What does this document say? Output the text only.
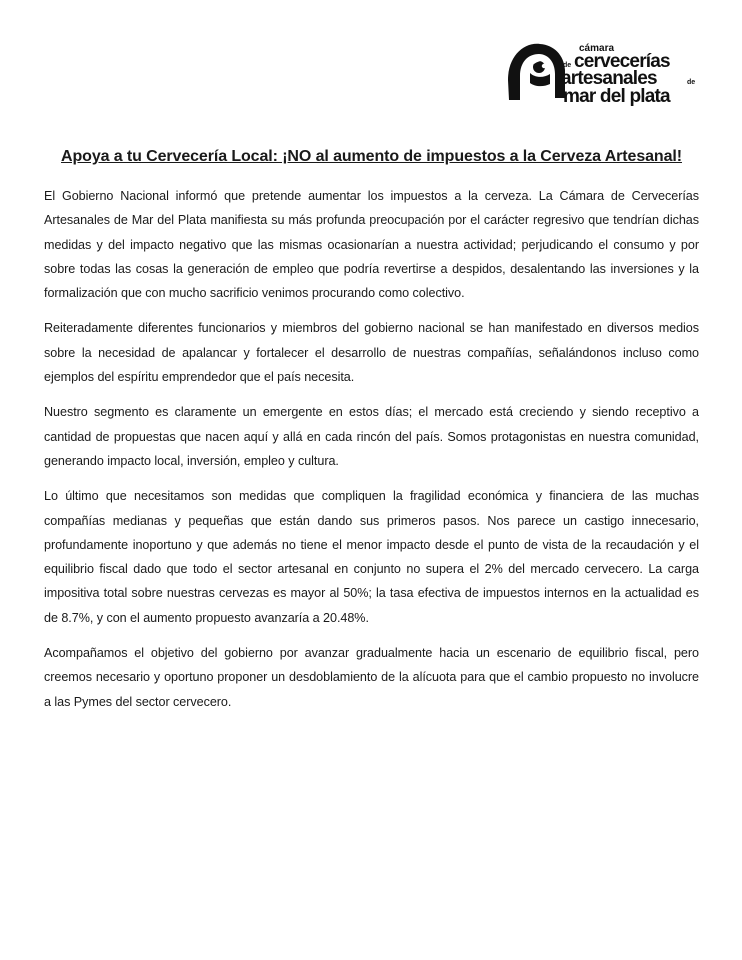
cámara
de cervecerías
artesanales	de
mar del plata
Apoya a tu Cervecería Local: ¡NO al aumento de impuestos a la Cerveza Artesanal!

El Gobierno Nacional informó que pretende aumentar los impuestos a la cerveza. La Cámara de Cervecerías Artesanales de Mar del Plata manifiesta su más profunda preocupación por el carácter regresivo que tendrían dichas medidas y del impacto negativo que las mismas ocasionarían a nuestra actividad; perjudicando el consumo y por sobre todas las cosas la generación de empleo que podría revertirse a despidos, desalentando las inversiones y la formalización que con mucho sacrificio venimos procurando como colectivo.

Reiteradamente diferentes funcionarios y miembros del gobierno nacional se han manifestado en diversos medios sobre la necesidad de apalancar y fortalecer el desarrollo de nuestras compañías, señalándonos incluso como ejemplos del espíritu emprendedor que el país necesita.

Nuestro segmento es claramente un emergente en estos días; el mercado está creciendo y siendo receptivo a cantidad de propuestas que nacen aquí y allá en cada rincón del país. Somos protagonistas en nuestra comunidad, generando impacto local, inversión, empleo y cultura.

Lo último que necesitamos son medidas que compliquen la fragilidad económica y financiera de las muchas compañías medianas y pequeñas que están dando sus primeros pasos. Nos parece un castigo innecesario, profundamente inoportuno y que además no tiene el menor impacto desde el punto de vista de la recaudación y el equilibrio fiscal dado que todo el sector artesanal en conjunto no supera el 2% del mercado cervecero. La carga impositiva total sobre nuestras cervezas es mayor al 50%; la tasa efectiva de impuestos internos en la actualidad es de 8.7%, y con el aumento propuesto avanzaría a 20.48%.

Acompañamos el objetivo del gobierno por avanzar gradualmente hacia un escenario de equilibrio fiscal, pero creemos necesario y oportuno proponer un desdoblamiento de la alícuota para que el cambio propuesto no involucre a las Pymes del sector cervecero.
